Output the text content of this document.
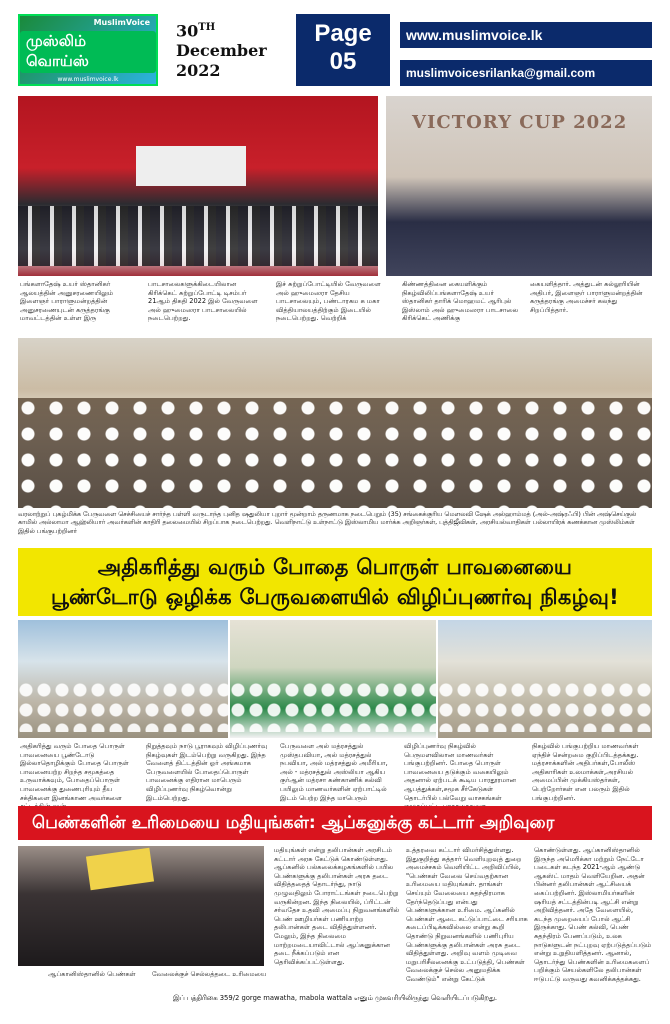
MuslimVoice
முஸ்லிம் வொய்ஸ்
www.muslimvoice.lk
30TH
December
2022
Page
05
www.muslimvoice.lk
muslimvoicesrilanka@gmail.com
VICTORY CUP 2022
பங்களாதேஷ் உயர் ஸ்தானிகர் ஆலயத்தின் அனுசரணையிலும் இளைஞர் பாராளுமன்றத்தின் அனுசரணையுடன் கருத்தரங்கு மாவட்டத்தின் உள்ள இரு
பாடசாலைகளுக்கிடையிலான கிரிக்கெட் சுற்றுப்போட்டி டிசம்பர் 21ஆம் திகதி 2022 இல் வேருவளை அல் ஹுமைஸரா பாடசாலையில் நடைபெற்றது.
இச் சுற்றுப்போட்டியில் வேருவளை அல் ஹுமைஸரா தேசிய பாடசாலையும், பண்டாரகம க மகா வித்தியாலயத்திற்கும் இடையில் நடைபெற்றது. வெற்றிக்
கிண்ணத்தினை கையளிக்கும் நிகழ்விலிப்பங்களாதேஷ் உயர் ஸ்தானிகர் தாரிக் மொஹமட் ஆரிபுல் இஸ்லாம் அல் ஹுமைஸரா பாடசாலை கிரிக்கெட் அணிக்கு
கையளித்தார். அத்துடன் கல்லூரியின் அதிபர், இளைஞர் பாராளுமன்றத்தின் கருத்தரங்கு அமைச்சர் கலந்து சிறப்பித்தார்.
வரலாற்றுப் புகழ்மிக்க பேருவளை செச்சியைச் சார்ந்த பள்ளி வருடாந்த புனித ஷதுலியா புறார் மூன்றாம் தருணமாக நடைபெறும் (35) சங்கைக்குரிய மெளலவி ஷேக் அல்ஹாம்மத் (அல்-அஷ்ரஃபி) பின் அஷ்செய்குல் காமில் அல்லாமா ஆஹ்லியார் அவர்களின் காதிரி தலைமையில் சிறப்பாக நடைபெற்றது. வெளிநாட்டு உள்நாட்டு இஸ்லாமிய மார்க்க அறிஞர்கள், புத்திஜீவிகள், அரசியல்வாதிகள் பல்லாயிரக் கணக்கான முஸ்லிம்கள் இதில் பங்குபற்றினர்
அதிகரித்து வரும் போதை பொருள் பாவனையை
பூண்டோடு ஒழிக்க பேருவளையில் விழிப்புணர்வு நிகழ்வு!
அதிகரித்து வரும் போதை பொருள் பாவனையை பூண்டோடு இல்லாதொழிக்கும் போதை பொருள் பாவனையற்ற சிறந்த சமூகத்தை உருவாக்கவும், போதைப்பொருள் பாவனைக்கு துணைபுரியும் தீய சக்திகளை இனங்காண அவர்களை
நிறுத்தவும் நாடு பூராகவும் விழிப்புணர்வு நிகழ்வுகள் இடம்பெற்று வருகிறது. இந்த வேளைத் திட்டத்தின் ஓர் அங்கமாக பேருவளையில் போதைப்பொருள் பாவனைக்கு எதிரான மாபெரும் விழிப்புணர்வு நிகழ்வொன்று இடம்பெற்றது.
பேருவளை அல் மத்ரசத்துல் முஸ்தபவியா, அல் மத்ரசத்துல் நபவியா, அல் மத்ரசத்துல் அமீரியா, அல் - மத்ரசத்துல் அஸ்லியா ஆகிய குர்ஆன் மத்ரசா கண்காணிக் கல்வி பயிலும் மாணவர்களின் ஏற்பாட்டில் இடம் பெற்ற இந்த மாபெரும்
விழிப்புணர்வு நிகழ்வில் பெருமளவிலான மாணவர்கள் பங்குபற்றினர். போதை பொருள் பாவனையை தடுக்கும் வகையிலும் அதனால் ஏற்படக் கூடிய பாரதூரமான ஆபத்துக்கள்,சமூக சீர்கேடுகள் தொடர்பில் பல்வேறு வாசகங்கள்
நிகழ்வில் பங்குபற்றிய மாணவர்கள் ஏந்திச் சென்றமை குறிப்பிடத்தக்கது. மத்ரசாக்களின் அதிபர்கள்,போலீஸ் அதிகாரிகள் உலமாக்கள்,அரசியல் அமைப்பின் முக்கியஸ்தர்கள், பெற்றோர்கள் என பலரும் இதில் பங்குபற்றினர்.
பெண்களின் உரிமையை மதியுங்கள்: ஆப்கனுக்கு கட்டார் அறிவுரை
ஆப்கானிஸ்தானில் பெண்கள் வேலைக்குச் செல்லத்தடை உரிமையை
மதியுங்கள் என்று தலிபான்கள் அரசிடம் கட்டார் அரசு கேட்டுக் கொண்டுள்ளது. ஆப்கனில் பல்கலைக்கழகங்களில் பயில பெண்களுக்கு தலிபான்கள் அரசு தடை விதித்ததைத் தொடர்ந்து, நாடு முழுவதிலும் போராட்டங்கள் நடைபெற்று வருகின்றன. இந்த நிலையில், ப்ரிட்டன் சர்வதேச உதவி அமைப்பு நிறுவனங்களில் பெண் ஊழியர்கள் பணியாற்ற தலிபான்கள் தடை விதித்துள்ளனர். மேலும், இந்த நிலைமை மாற்றமடையாவிட்டால் ஆப்கனுக்கான தடை நீக்கப்படும் என தெரிவிக்கப்பட்டுள்ளது.
உத்தரவை கட்டார் விமர்சித்துள்ளது. இதுகுறித்து கத்தார் வெளியுறவுத் துறை அமைச்சகம் வெளியிட்ட அறிவிப்பில், "பெண்கள் வேலை செய்வதற்கான உரிமையை மதியுங்கள். தாங்கள் செய்யும் வேலையை சுதந்திரமாக தேர்ந்தெடுப்பது என்பது பெண்களுக்கான உரிமை. ஆப்கனில் பெண்கள் ஆடை கட்டுப்பாட்டை சரியாக கடைப்பிடிக்கவில்லை என்று கூறி தொண்டு நிறுவனங்களில் பணிபுரிய பெண்களுக்கு தலிபான்கள் அரசு தடை விதித்துள்ளது. அறிவு வளம் முடிவை மறுபரிசீலனைக்கு உட்படுத்தி, பெண்கள் வேலைக்குச் செல்ல அனுமதிக்க வேண்டும்" என்று கேட்டுக்
கொண்டுள்ளது. ஆப்கானிஸ்தானில் இருந்த அமெரிக்கா மற்றும் நேட்டோ படைகள் கடந்த 2021-ஆம் ஆண்டு ஆகஸ்ட் மாதம் வெளியேறின. அதன் பின்னர் தலிபான்கள் ஆட்சியைக் கைப்பற்றினர். இஸ்லாமியர்களின் ஷரியத் சட்டத்தின்படி ஆட்சி என்று அறிவித்தனர். அதே வேளையில், கடந்த முறையைப் போல் ஆட்சி இருக்காது. பெண் கல்வி, பெண் சுதந்திரம் பேணப்படும், உலக நாடுகளுடன் நட்புறவு ஏற்படுத்தப்படும் என்று உறுதியளித்தனர். ஆனால், தொடர்ந்து பெண்களின் உரிமைகளைப் பறிக்கும் செயல்களிலே தலிபான்கள் ஈடுபட்டு வருவது கவனிக்கத்தக்கது.
இப் பத்திரிகை 359/2 gorge mawatha, mabola wattala எனும் முகவரியிலிருந்து வெளியிடப்படுகிறது.
